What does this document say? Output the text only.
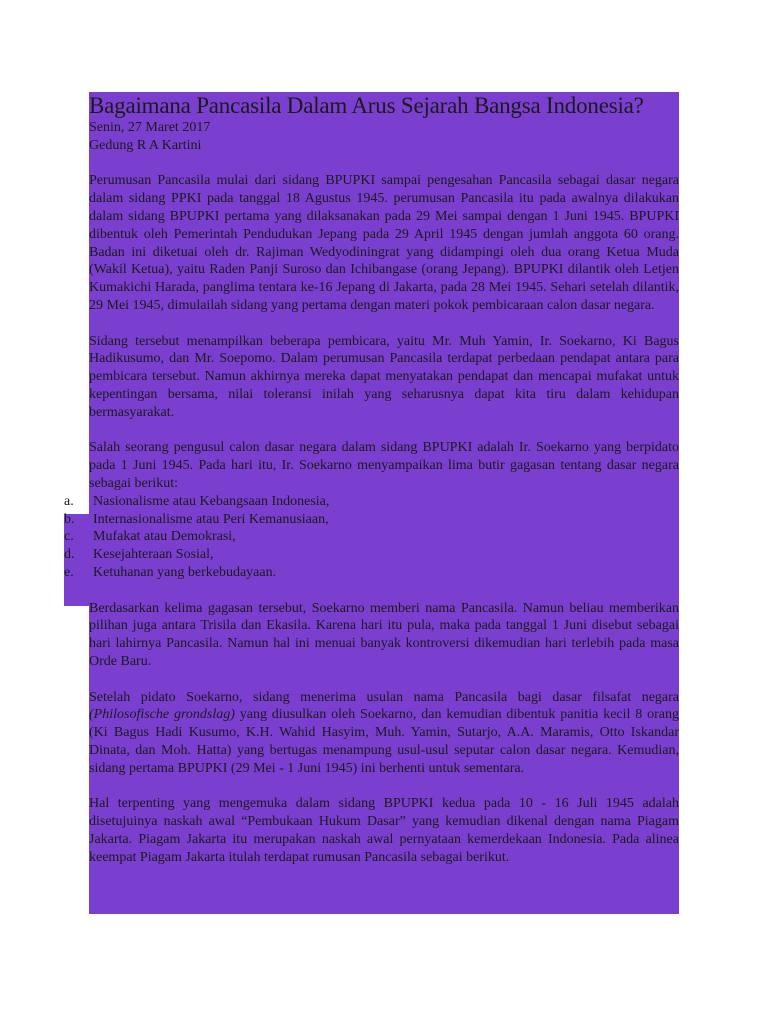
Bagaimana Pancasila Dalam Arus Sejarah Bangsa Indonesia?

Senin, 27 Maret 2017

Gedung R A Kartini

Perumusan Pancasila mulai dari sidang BPUPKI sampai pengesahan Pancasila sebagai dasar negara dalam sidang PPKI pada tanggal 18 Agustus 1945. perumusan Pancasila itu pada awalnya dilakukan dalam sidang BPUPKI pertama yang dilaksanakan pada 29 Mei sampai dengan 1 Juni 1945. BPUPKI dibentuk oleh Pemerintah Pendudukan Jepang pada 29 April 1945 dengan jumlah anggota 60 orang. Badan ini diketuai oleh dr. Rajiman Wedyodiningrat yang didampingi oleh dua orang Ketua Muda (Wakil Ketua), yaitu Raden Panji Suroso dan Ichibangase (orang Jepang). BPUPKI dilantik oleh Letjen Kumakichi Harada, panglima tentara ke-16 Jepang di Jakarta, pada 28 Mei 1945. Sehari setelah dilantik, 29 Mei 1945, dimulailah sidang yang pertama dengan materi pokok pembicaraan calon dasar negara.

Sidang tersebut menampilkan beberapa pembicara, yaitu Mr. Muh Yamin, Ir. Soekarno, Ki Bagus Hadikusumo, dan Mr. Soepomo. Dalam perumusan Pancasila terdapat perbedaan pendapat antara para pembicara tersebut. Namun akhirnya mereka dapat menyatakan pendapat dan mencapai mufakat untuk kepentingan bersama, nilai toleransi inilah yang seharusnya dapat kita tiru dalam kehidupan bermasyarakat.

Salah seorang pengusul calon dasar negara dalam sidang BPUPKI adalah Ir. Soekarno yang berpidato pada 1 Juni 1945. Pada hari itu, Ir. Soekarno menyampaikan lima butir gagasan tentang dasar negara sebagai berikut:

a.	Nasionalisme atau Kebangsaan Indonesia,
b.	Internasionalisme atau Peri Kemanusiaan,
c.	Mufakat atau Demokrasi,
d.	Kesejahteraan Sosial,
e.	Ketuhanan yang berkebudayaan.

Berdasarkan kelima gagasan tersebut, Soekarno memberi nama Pancasila. Namun beliau memberikan pilihan juga antara Trisila dan Ekasila. Karena hari itu pula, maka pada tanggal 1 Juni disebut sebagai hari lahirnya Pancasila. Namun hal ini menuai banyak kontroversi dikemudian hari terlebih pada masa Orde Baru.

Setelah pidato Soekarno, sidang menerima usulan nama Pancasila bagi dasar filsafat negara (Philosofische grondslag) yang diusulkan oleh Soekarno, dan kemudian dibentuk panitia kecil 8 orang (Ki Bagus Hadi Kusumo, K.H. Wahid Hasyim, Muh. Yamin, Sutarjo, A.A. Maramis, Otto Iskandar Dinata, dan Moh. Hatta) yang bertugas menampung usul-usul seputar calon dasar negara. Kemudian, sidang pertama BPUPKI (29 Mei - 1 Juni 1945) ini berhenti untuk sementara.

Hal terpenting yang mengemuka dalam sidang BPUPKI kedua pada 10 - 16 Juli 1945 adalah disetujuinya naskah awal “Pembukaan Hukum Dasar” yang kemudian dikenal dengan nama Piagam Jakarta. Piagam Jakarta itu merupakan naskah awal pernyataan kemerdekaan Indonesia. Pada alinea keempat Piagam Jakarta itulah terdapat rumusan Pancasila sebagai berikut.
